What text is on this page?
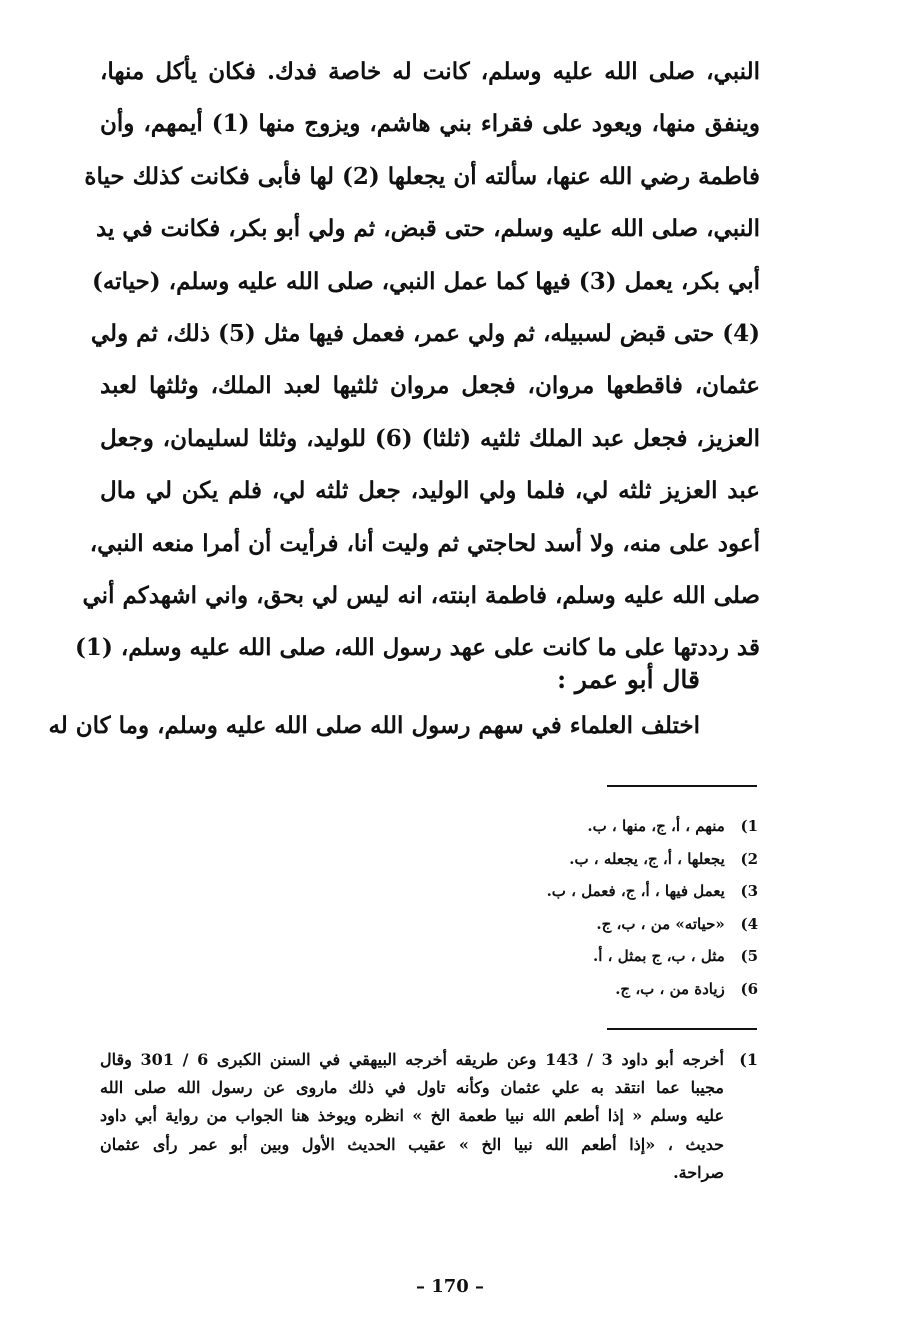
النبي، صلى الله عليه وسلم، كانت له خاصة فدك. فكان يأكل منها،
وينفق منها، ويعود على فقراء بني هاشم، ويزوج منها (1) أيمهم، وأن
فاطمة رضي الله عنها، سألته أن يجعلها (2) لها فأبى فكانت كذلك حياة
النبي، صلى الله عليه وسلم، حتى قبض، ثم ولي أبو بكر، فكانت في يد
أبي بكر، يعمل (3) فيها كما عمل النبي، صلى الله عليه وسلم، (حياته)
(4) حتى قبض لسبيله، ثم ولي عمر، فعمل فيها مثل (5) ذلك، ثم ولي
عثمان، فاقطعها مروان، فجعل مروان ثلثيها لعبد الملك، وثلثها لعبد
العزيز، فجعل عبد الملك ثلثيه (ثلثا) (6) للوليد، وثلثا لسليمان، وجعل
عبد العزيز ثلثه لي، فلما ولي الوليد، جعل ثلثه لي، فلم يكن لي مال
أعود على منه، ولا أسد لحاجتي ثم وليت أنا، فرأيت أن أمرا منعه النبي،
صلى الله عليه وسلم، فاطمة ابنته، انه ليس لي بحق، واني اشهدكم أني
قد رددتها على ما كانت على عهد رسول الله، صلى الله عليه وسلم، (1)
قال أبو عمر :
اختلف العلماء في سهم رسول الله صلى الله عليه وسلم، وما كان له
1) منهم ، أ، ج، منها ، ب.
2) يجعلها ، أ، ج، يجعله ، ب.
3) يعمل فيها ، أ، ج، فعمل ، ب.
4) «حياته» من ، ب، ج.
5) مثل ، ب، ج بمثل ، أ.
6) زيادة من ، ب، ج.
1)
أخرجه أبو داود 3 / 143 وعن طريقه أخرجه البيهقي في السنن الكبرى 6 / 301 وقال
مجيبا عما انتقد به علي عثمان وكأنه تاول في ذلك ماروى عن رسول الله صلى الله
عليه وسلم « إذا أطعم الله نبيا طعمة الخ » انظره ويوخذ هنا الجواب من رواية أبي داود
حديث ، «إذا أطعم الله نبيا الخ » عقيب الحديث الأول وبين أبو عمر رأى عثمان
صراحة.
– 170 –
